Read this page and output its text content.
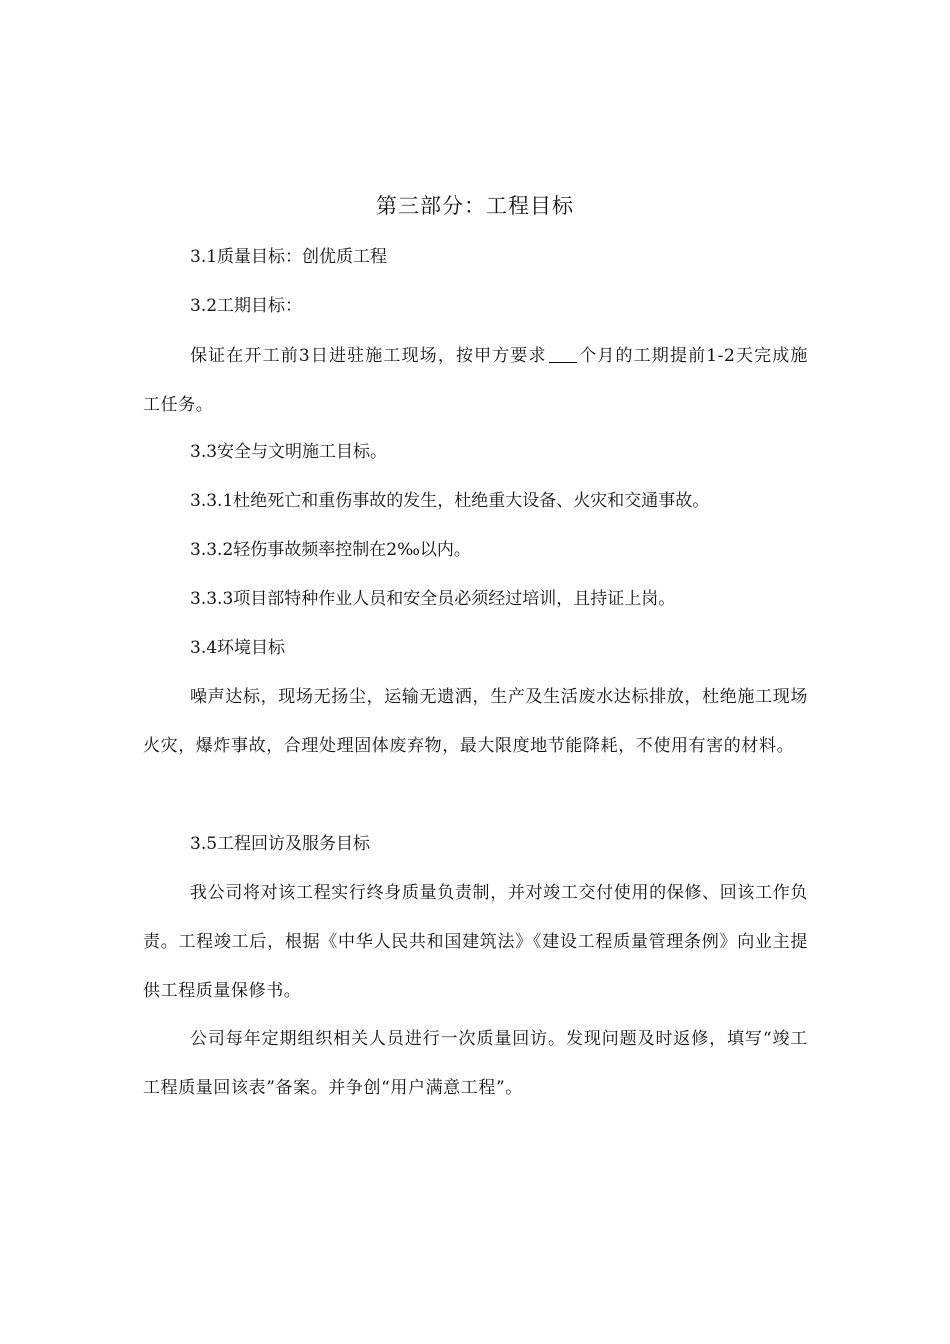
第三部分：工程目标
3.1质量目标：创优质工程
3.2工期目标：
保证在开工前3日进驻施工现场，按甲方要求 个月的工期提前1-2天完成施工任务。
3.3安全与文明施工目标。
3.3.1杜绝死亡和重伤事故的发生，杜绝重大设备、火灾和交通事故。
3.3.2轻伤事故频率控制在2‰以内。
3.3.3项目部特种作业人员和安全员必须经过培训，且持证上岗。
3.4环境目标
噪声达标，现场无扬尘，运输无遗洒，生产及生活废水达标排放，杜绝施工现场火灾，爆炸事故，合理处理固体废弃物，最大限度地节能降耗，不使用有害的材料。
3.5工程回访及服务目标
我公司将对该工程实行终身质量负责制，并对竣工交付使用的保修、回该工作负责。工程竣工后，根据《中华人民共和国建筑法》《建设工程质量管理条例》向业主提供工程质量保修书。
公司每年定期组织相关人员进行一次质量回访。发现问题及时返修，填写“竣工工程质量回该表”备案。并争创“用户满意工程”。
